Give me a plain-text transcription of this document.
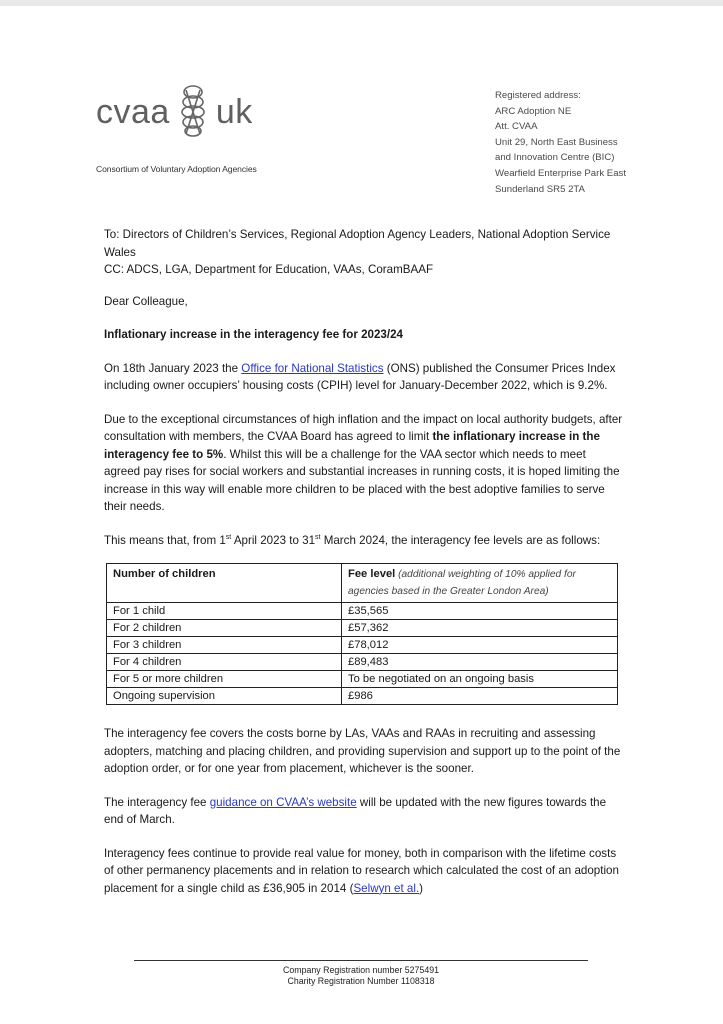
cvaa uk
Consortium of Voluntary Adoption Agencies
Registered address:
ARC Adoption NE
Att. CVAA
Unit 29, North East Business
and Innovation Centre (BIC)
Wearfield Enterprise Park East
Sunderland SR5 2TA

To: Directors of Children’s Services, Regional Adoption Agency Leaders, National Adoption Service Wales
CC: ADCS, LGA, Department for Education, VAAs, CoramBAAF

Dear Colleague,

Inflationary increase in the interagency fee for 2023/24

On 18th January 2023 the Office for National Statistics (ONS) published the Consumer Prices Index including owner occupiers’ housing costs (CPIH) level for January-December 2022, which is 9.2%.

Due to the exceptional circumstances of high inflation and the impact on local authority budgets, after consultation with members, the CVAA Board has agreed to limit the inflationary increase in the interagency fee to 5%. Whilst this will be a challenge for the VAA sector which needs to meet agreed pay rises for social workers and substantial increases in running costs, it is hoped limiting the increase in this way will enable more children to be placed with the best adoptive families to serve their needs.

This means that, from 1st April 2023 to 31st March 2024, the interagency fee levels are as follows:

Number of children	Fee level (additional weighting of 10% applied for agencies based in the Greater London Area)
For 1 child	£35,565
For 2 children	£57,362
For 3 children	£78,012
For 4 children	£89,483
For 5 or more children	To be negotiated on an ongoing basis
Ongoing supervision	£986

The interagency fee covers the costs borne by LAs, VAAs and RAAs in recruiting and assessing adopters, matching and placing children, and providing supervision and support up to the point of the adoption order, or for one year from placement, whichever is the sooner.

The interagency fee guidance on CVAA’s website will be updated with the new figures towards the end of March.

Interagency fees continue to provide real value for money, both in comparison with the lifetime costs of other permanency placements and in relation to research which calculated the cost of an adoption placement for a single child as £36,905 in 2014 (Selwyn et al.)

Company Registration number 5275491
Charity Registration Number 1108318
